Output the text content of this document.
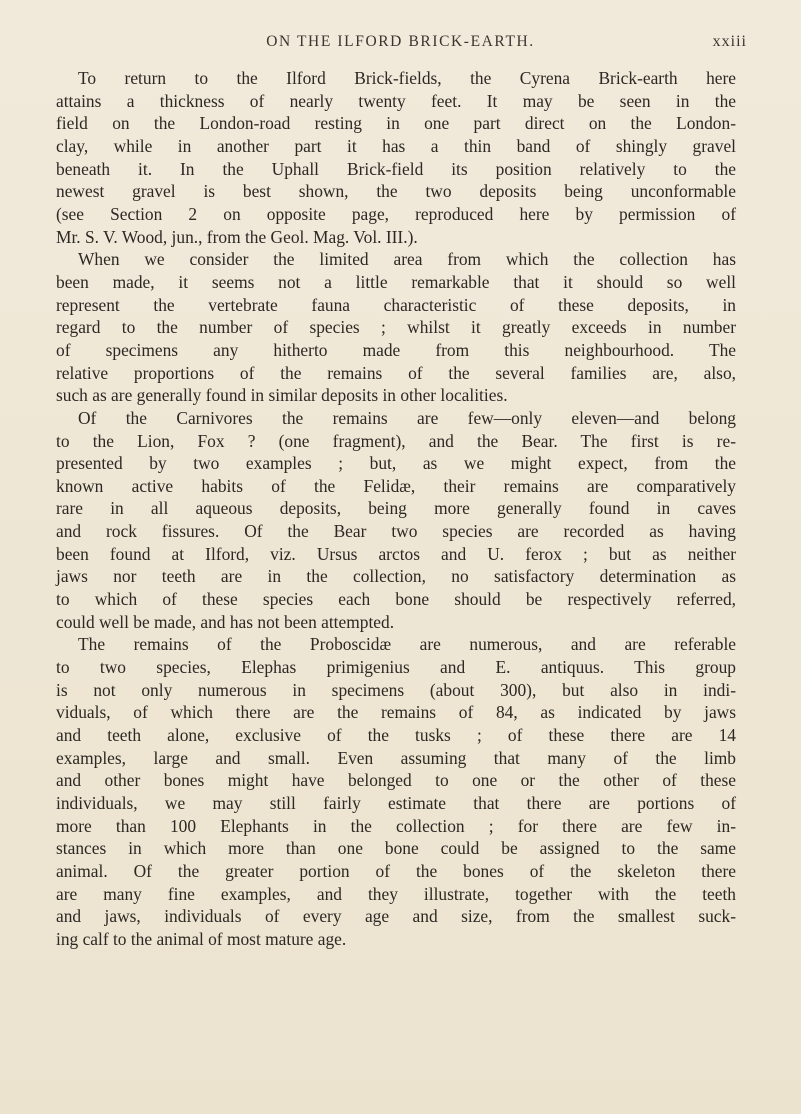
ON THE ILFORD BRICK-EARTH.	xxiii
To return to the Ilford Brick-fields, the Cyrena Brick-earth here
attains a thickness of nearly twenty feet. It may be seen in the
field on the London-road resting in one part direct on the London-
clay, while in another part it has a thin band of shingly gravel
beneath it. In the Uphall Brick-field its position relatively to the
newest gravel is best shown, the two deposits being unconformable
(see Section 2 on opposite page, reproduced here by permission of
Mr. S. V. Wood, jun., from the Geol. Mag. Vol. III.).
When we consider the limited area from which the collection has
been made, it seems not a little remarkable that it should so well
represent the vertebrate fauna characteristic of these deposits, in
regard to the number of species ; whilst it greatly exceeds in number
of specimens any hitherto made from this neighbourhood. The
relative proportions of the remains of the several families are, also,
such as are generally found in similar deposits in other localities.
Of the Carnivores the remains are few—only eleven—and belong
to the Lion, Fox ? (one fragment), and the Bear. The first is re-
presented by two examples ; but, as we might expect, from the
known active habits of the Felidæ, their remains are comparatively
rare in all aqueous deposits, being more generally found in caves
and rock fissures. Of the Bear two species are recorded as having
been found at Ilford, viz. Ursus arctos and U. ferox ; but as neither
jaws nor teeth are in the collection, no satisfactory determination as
to which of these species each bone should be respectively referred,
could well be made, and has not been attempted.
The remains of the Proboscidæ are numerous, and are referable
to two species, Elephas primigenius and E. antiquus. This group
is not only numerous in specimens (about 300), but also in indi-
viduals, of which there are the remains of 84, as indicated by jaws
and teeth alone, exclusive of the tusks ; of these there are 14
examples, large and small. Even assuming that many of the limb
and other bones might have belonged to one or the other of these
individuals, we may still fairly estimate that there are portions of
more than 100 Elephants in the collection ; for there are few in-
stances in which more than one bone could be assigned to the same
animal. Of the greater portion of the bones of the skeleton there
are many fine examples, and they illustrate, together with the teeth
and jaws, individuals of every age and size, from the smallest suck-
ing calf to the animal of most mature age.
